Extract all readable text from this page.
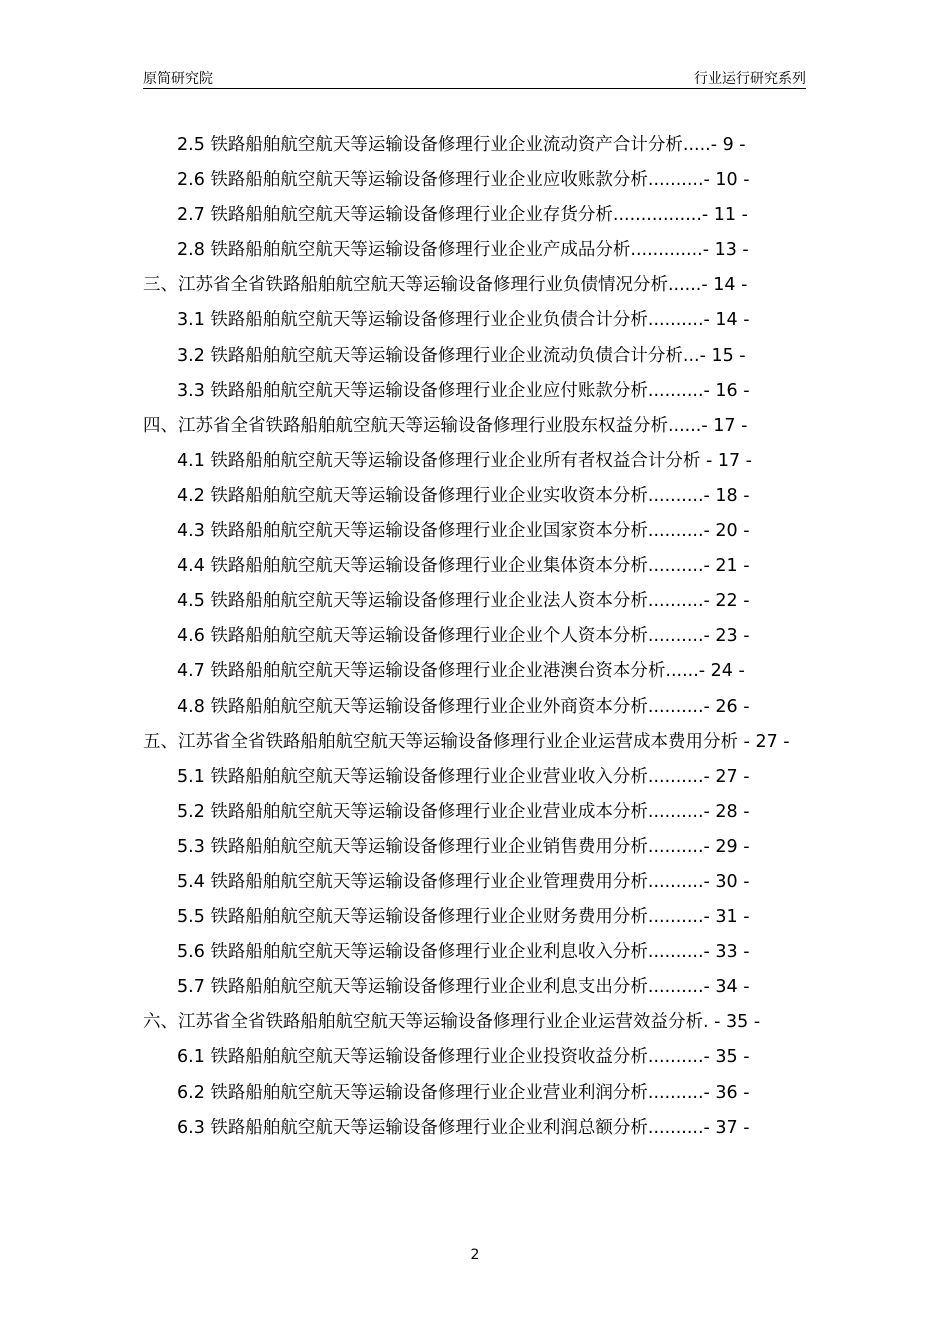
原简研究院	行业运行研究系列
2.5 铁路船舶航空航天等运输设备修理行业企业流动资产合计分析.....- 9 -
2.6 铁路船舶航空航天等运输设备修理行业企业应收账款分析..........- 10 -
2.7 铁路船舶航空航天等运输设备修理行业企业存货分析................- 11 -
2.8 铁路船舶航空航天等运输设备修理行业企业产成品分析.............- 13 -
三、江苏省全省铁路船舶航空航天等运输设备修理行业负债情况分析......- 14 -
3.1 铁路船舶航空航天等运输设备修理行业企业负债合计分析..........- 14 -
3.2 铁路船舶航空航天等运输设备修理行业企业流动负债合计分析...- 15 -
3.3 铁路船舶航空航天等运输设备修理行业企业应付账款分析..........- 16 -
四、江苏省全省铁路船舶航空航天等运输设备修理行业股东权益分析......- 17 -
4.1 铁路船舶航空航天等运输设备修理行业企业所有者权益合计分析 - 17 -
4.2 铁路船舶航空航天等运输设备修理行业企业实收资本分析..........- 18 -
4.3 铁路船舶航空航天等运输设备修理行业企业国家资本分析..........- 20 -
4.4 铁路船舶航空航天等运输设备修理行业企业集体资本分析..........- 21 -
4.5 铁路船舶航空航天等运输设备修理行业企业法人资本分析..........- 22 -
4.6 铁路船舶航空航天等运输设备修理行业企业个人资本分析..........- 23 -
4.7 铁路船舶航空航天等运输设备修理行业企业港澳台资本分析......- 24 -
4.8 铁路船舶航空航天等运输设备修理行业企业外商资本分析..........- 26 -
五、江苏省全省铁路船舶航空航天等运输设备修理行业企业运营成本费用分析 - 27 -
5.1 铁路船舶航空航天等运输设备修理行业企业营业收入分析..........- 27 -
5.2 铁路船舶航空航天等运输设备修理行业企业营业成本分析..........- 28 -
5.3 铁路船舶航空航天等运输设备修理行业企业销售费用分析..........- 29 -
5.4 铁路船舶航空航天等运输设备修理行业企业管理费用分析..........- 30 -
5.5 铁路船舶航空航天等运输设备修理行业企业财务费用分析..........- 31 -
5.6 铁路船舶航空航天等运输设备修理行业企业利息收入分析..........- 33 -
5.7 铁路船舶航空航天等运输设备修理行业企业利息支出分析..........- 34 -
六、江苏省全省铁路船舶航空航天等运输设备修理行业企业运营效益分析. - 35 -
6.1 铁路船舶航空航天等运输设备修理行业企业投资收益分析..........- 35 -
6.2 铁路船舶航空航天等运输设备修理行业企业营业利润分析..........- 36 -
6.3 铁路船舶航空航天等运输设备修理行业企业利润总额分析..........- 37 -
2
